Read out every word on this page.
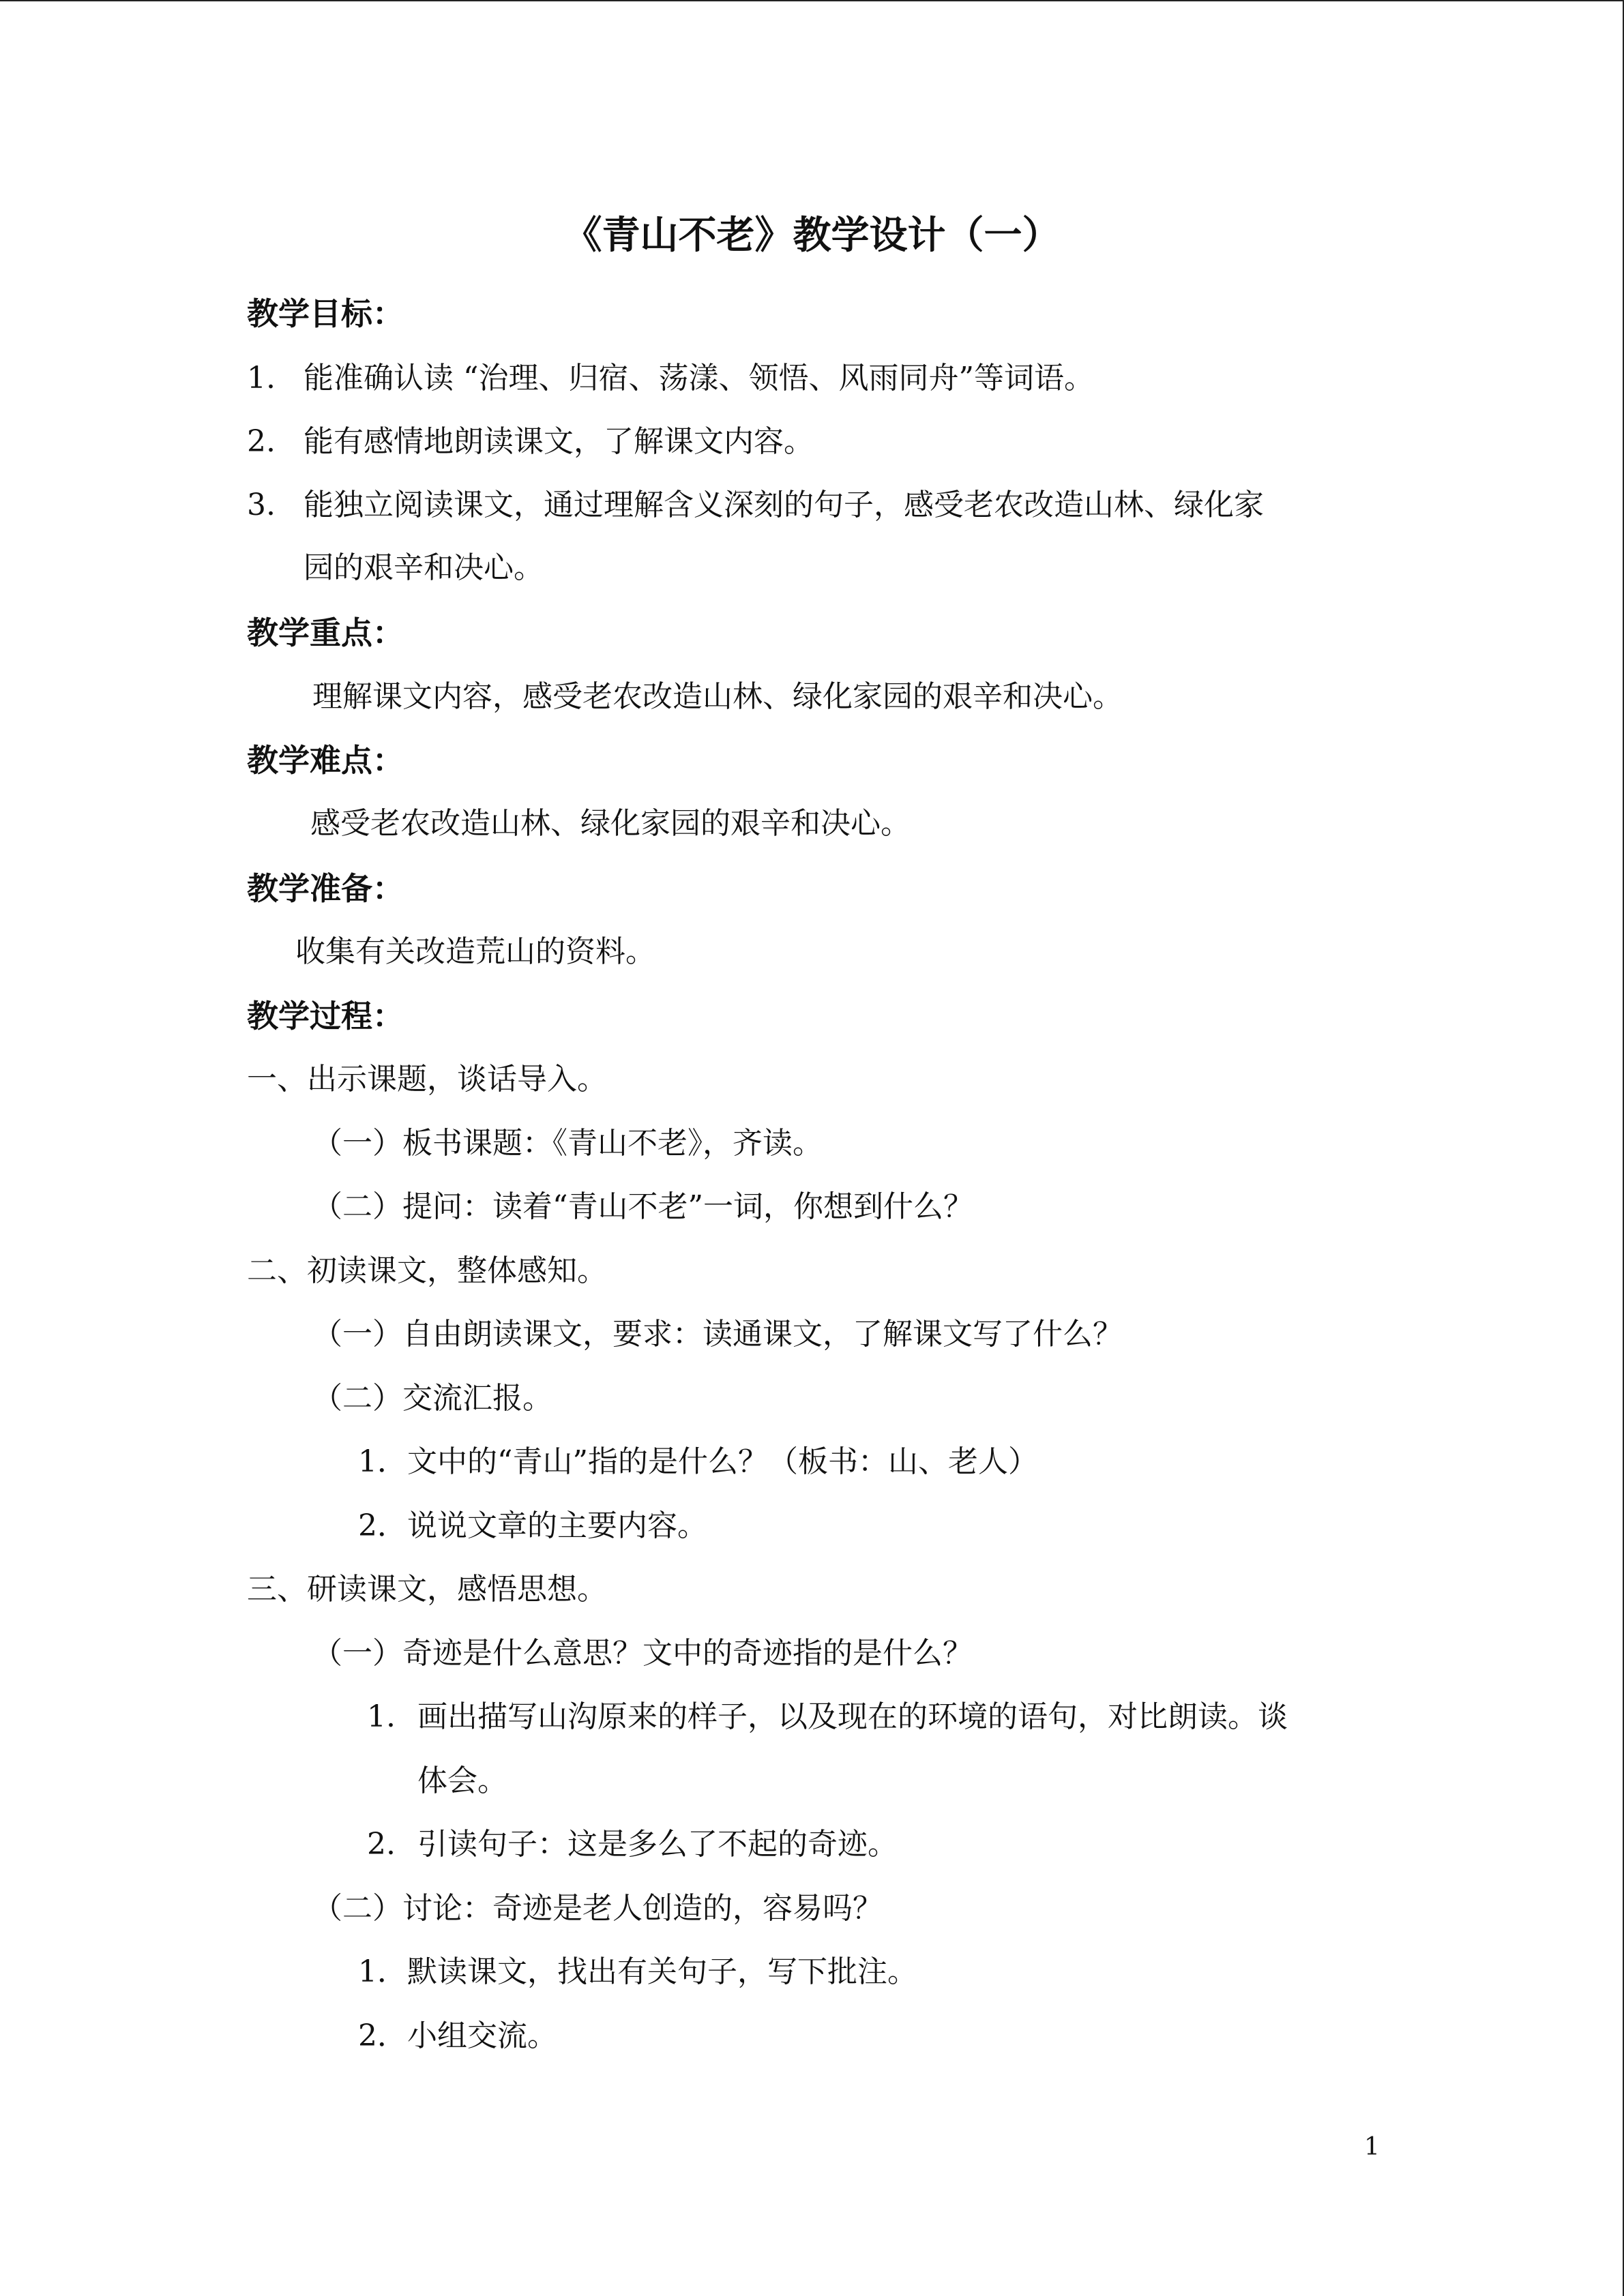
《青山不老》教学设计（一）
教学目标：
1. 能准确认读 “治理、归宿、荡漾、领悟、风雨同舟”等词语。
2. 能有感情地朗读课文，了解课文内容。
3. 能独立阅读课文，通过理解含义深刻的句子，感受老农改造山林、绿化家
园的艰辛和决心。
教学重点：
理解课文内容，感受老农改造山林、绿化家园的艰辛和决心。
教学难点：
感受老农改造山林、绿化家园的艰辛和决心。
教学准备：
收集有关改造荒山的资料。
教学过程：
一、出示课题，谈话导入。
（一）板书课题：《青山不老》，齐读。
（二）提问：读着“青山不老”一词，你想到什么？
二、初读课文，整体感知。
（一）自由朗读课文，要求：读通课文，了解课文写了什么？
（二）交流汇报。
1．文中的“青山”指的是什么？（板书：山、老人）
2．说说文章的主要内容。
三、研读课文，感悟思想。
（一）奇迹是什么意思？文中的奇迹指的是什么？
1. 画出描写山沟原来的样子，以及现在的环境的语句，对比朗读。谈
体会。
2. 引读句子：这是多么了不起的奇迹。
（二）讨论：奇迹是老人创造的，容易吗？
1．默读课文，找出有关句子，写下批注。
2．小组交流。
1
